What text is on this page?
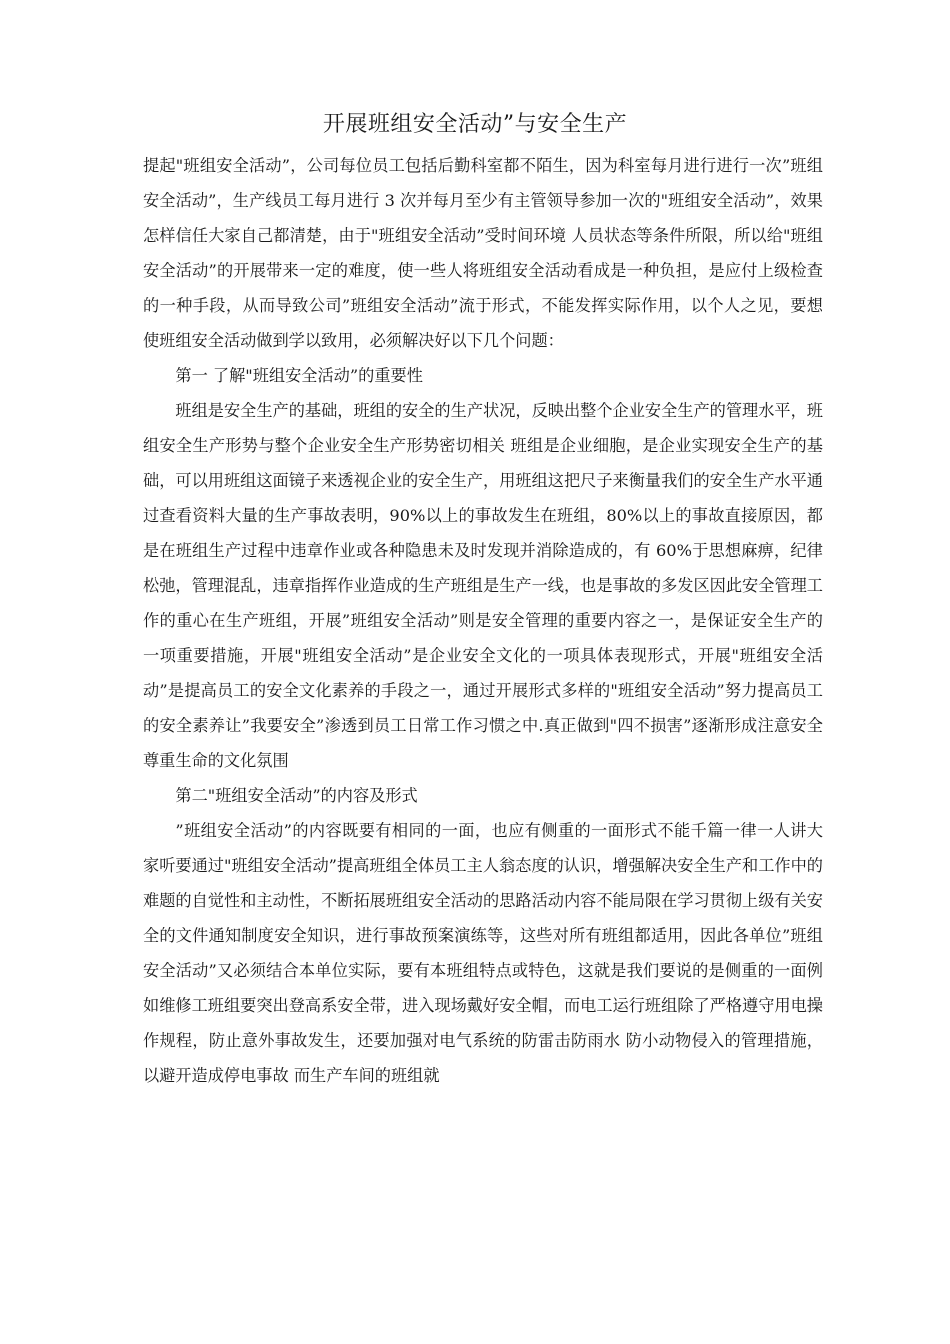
开展班组安全活动”与安全生产

提起"班组安全活动”，公司每位员工包括后勤科室都不陌生，因为科室每月进行进行一次”班组安全活动”，生产线员工每月进行 3 次并每月至少有主管领导参加一次的"班组安全活动”，效果怎样信任大家自己都清楚，由于"班组安全活动”受时间环境 人员状态等条件所限，所以给"班组安全活动”的开展带来一定的难度，使一些人将班组安全活动看成是一种负担，是应付上级检查的一种手段，从而导致公司”班组安全活动”流于形式，不能发挥实际作用，以个人之见，要想使班组安全活动做到学以致用，必须解决好以下几个问题：

第一 了解"班组安全活动”的重要性

班组是安全生产的基础，班组的安全的生产状况，反映出整个企业安全生产的管理水平，班组安全生产形势与整个企业安全生产形势密切相关 班组是企业细胞，是企业实现安全生产的基础，可以用班组这面镜子来透视企业的安全生产，用班组这把尺子来衡量我们的安全生产水平通过查看资料大量的生产事故表明，90%以上的事故发生在班组，80%以上的事故直接原因，都是在班组生产过程中违章作业或各种隐患未及时发现并消除造成的，有 60%于思想麻痹，纪律松弛，管理混乱，违章指挥作业造成的生产班组是生产一线，也是事故的多发区因此安全管理工作的重心在生产班组，开展”班组安全活动”则是安全管理的重要内容之一，是保证安全生产的一项重要措施，开展"班组安全活动”是企业安全文化的一项具体表现形式，开展"班组安全活动”是提高员工的安全文化素养的手段之一，通过开展形式多样的"班组安全活动”努力提高员工的安全素养让”我要安全”渗透到员工日常工作习惯之中.真正做到"四不损害”逐渐形成注意安全 尊重生命的文化氛围

第二"班组安全活动”的内容及形式

”班组安全活动”的内容既要有相同的一面，也应有侧重的一面形式不能千篇一律一人讲大家听要通过"班组安全活动”提高班组全体员工主人翁态度的认识，增强解决安全生产和工作中的难题的自觉性和主动性，不断拓展班组安全活动的思路活动内容不能局限在学习贯彻上级有关安全的文件通知制度安全知识，进行事故预案演练等，这些对所有班组都适用，因此各单位”班组安全活动”又必须结合本单位实际，要有本班组特点或特色，这就是我们要说的是侧重的一面例如维修工班组要突出登高系安全带，进入现场戴好安全帽，而电工运行班组除了严格遵守用电操作规程，防止意外事故发生，还要加强对电气系统的防雷击防雨水 防小动物侵入的管理措施，以避开造成停电事故 而生产车间的班组就
